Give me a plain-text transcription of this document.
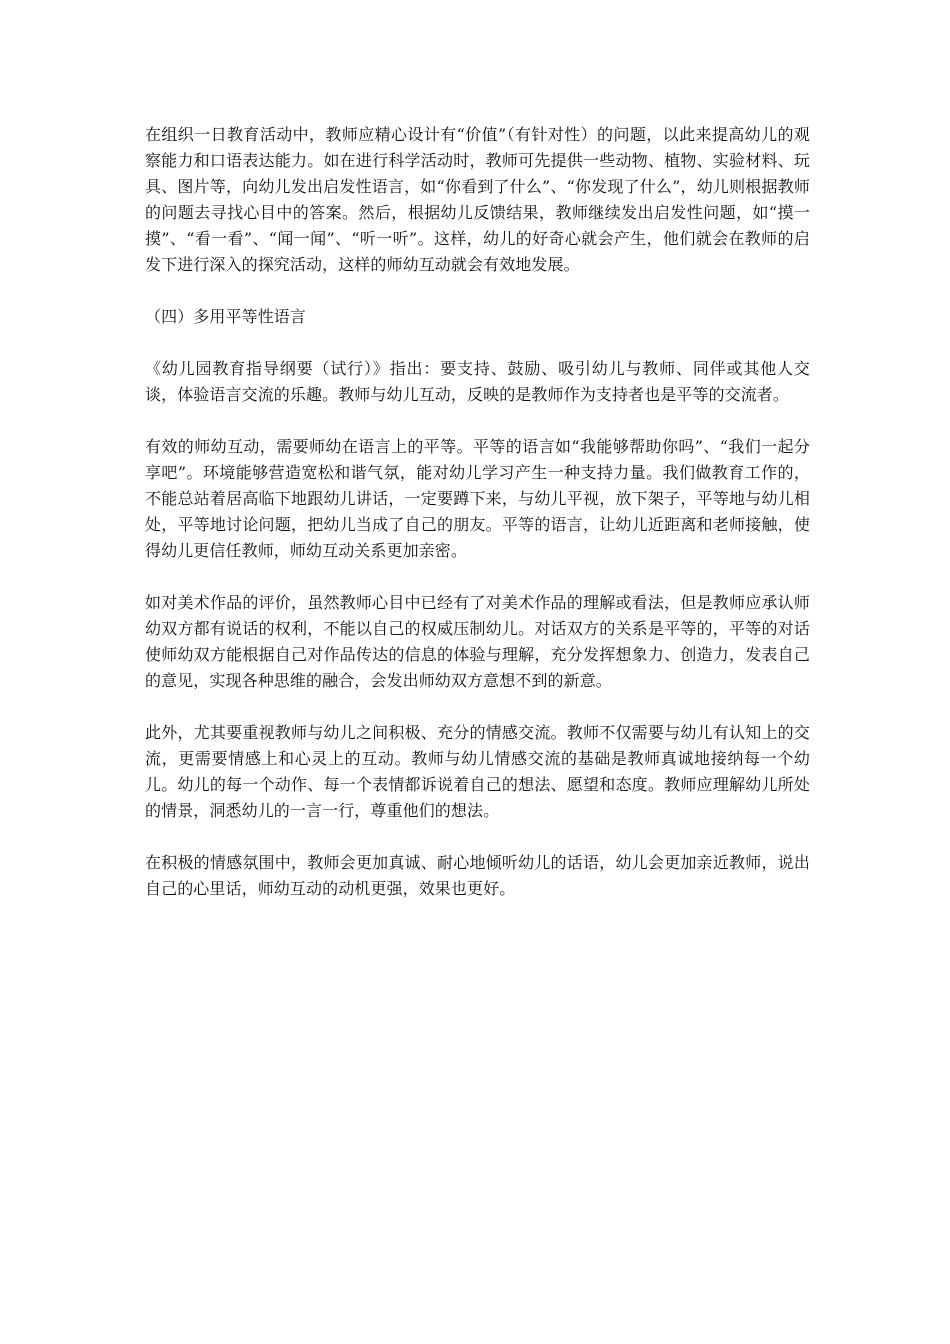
在组织一日教育活动中，教师应精心设计有“价值”（有针对性）的问题，以此来提高幼儿的观察能力和口语表达能力。如在进行科学活动时，教师可先提供一些动物、植物、实验材料、玩具、图片等，向幼儿发出启发性语言，如“你看到了什么”、“你发现了什么”，幼儿则根据教师的问题去寻找心目中的答案。然后，根据幼儿反馈结果，教师继续发出启发性问题，如“摸一摸”、“看一看”、“闻一闻”、“听一听”。这样，幼儿的好奇心就会产生，他们就会在教师的启发下进行深入的探究活动，这样的师幼互动就会有效地发展。

（四）多用平等性语言

《幼儿园教育指导纲要（试行）》指出：要支持、鼓励、吸引幼儿与教师、同伴或其他人交谈，体验语言交流的乐趣。教师与幼儿互动，反映的是教师作为支持者也是平等的交流者。

有效的师幼互动，需要师幼在语言上的平等。平等的语言如“我能够帮助你吗”、“我们一起分享吧”。环境能够营造宽松和谐气氛，能对幼儿学习产生一种支持力量。我们做教育工作的，不能总站着居高临下地跟幼儿讲话，一定要蹲下来，与幼儿平视，放下架子，平等地与幼儿相处，平等地讨论问题，把幼儿当成了自己的朋友。平等的语言，让幼儿近距离和老师接触，使得幼儿更信任教师，师幼互动关系更加亲密。

如对美术作品的评价，虽然教师心目中已经有了对美术作品的理解或看法，但是教师应承认师幼双方都有说话的权利，不能以自己的权威压制幼儿。对话双方的关系是平等的，平等的对话使师幼双方能根据自己对作品传达的信息的体验与理解，充分发挥想象力、创造力，发表自己的意见，实现各种思维的融合，会发出师幼双方意想不到的新意。

此外，尤其要重视教师与幼儿之间积极、充分的情感交流。教师不仅需要与幼儿有认知上的交流，更需要情感上和心灵上的互动。教师与幼儿情感交流的基础是教师真诚地接纳每一个幼儿。幼儿的每一个动作、每一个表情都诉说着自己的想法、愿望和态度。教师应理解幼儿所处的情景，洞悉幼儿的一言一行，尊重他们的想法。

在积极的情感氛围中，教师会更加真诚、耐心地倾听幼儿的话语，幼儿会更加亲近教师，说出自己的心里话，师幼互动的动机更强，效果也更好。
